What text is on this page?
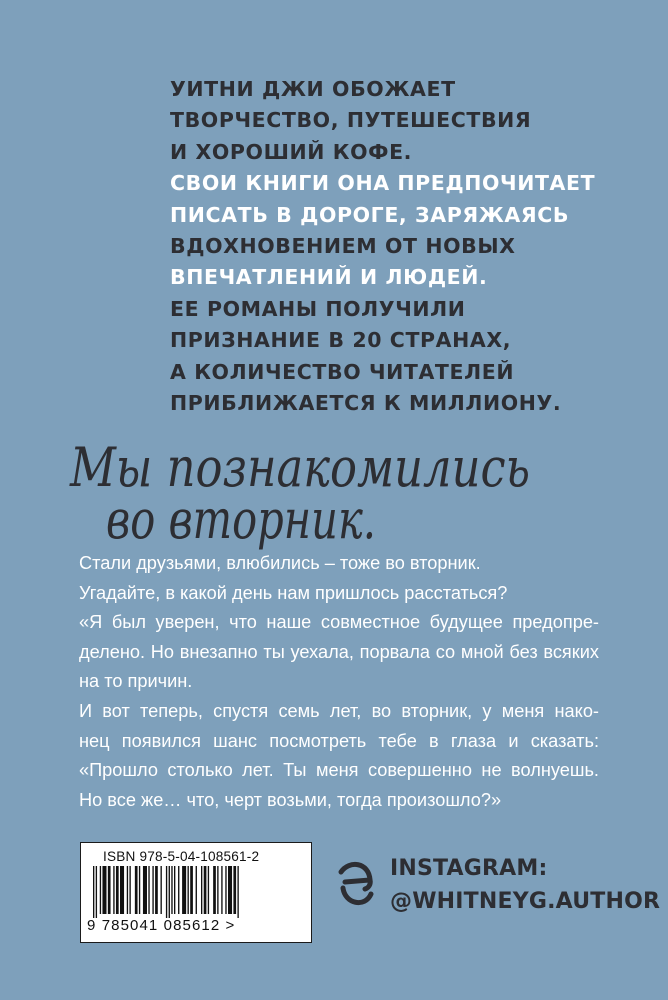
УИТНИ ДЖИ ОБОЖАЕТ
ТВОРЧЕСТВО, ПУТЕШЕСТВИЯ
И ХОРОШИЙ КОФЕ.
СВОИ КНИГИ ОНА ПРЕДПОЧИТАЕТ
ПИСАТЬ В ДОРОГЕ, ЗАРЯЖАЯСЬ
ВДОХНОВЕНИЕМ ОТ НОВЫХ
ВПЕЧАТЛЕНИЙ И ЛЮДЕЙ.
ЕЕ РОМАНЫ ПОЛУЧИЛИ
ПРИЗНАНИЕ В 20 СТРАНАХ,
А КОЛИЧЕСТВО ЧИТАТЕЛЕЙ
ПРИБЛИЖАЕТСЯ К МИЛЛИОНУ.
Мы познакомились
во вторник.
Стали друзьями, влюбились – тоже во вторник.
Угадайте, в какой день нам пришлось расстаться?
«Я был уверен, что наше совместное будущее предопре-
делено. Но внезапно ты уехала, порвала со мной без всяких
на то причин.
И вот теперь, спустя семь лет, во вторник, у меня нако-
нец появился шанс посмотреть тебе в глаза и сказать:
«Прошло столько лет. Ты меня совершенно не волнуешь.
Но все же… что, черт возьми, тогда произошло?»
ISBN 978-5-04-108561-2
9 785041 085612 >
INSTAGRAM:
@WHITNEYG.AUTHOR
